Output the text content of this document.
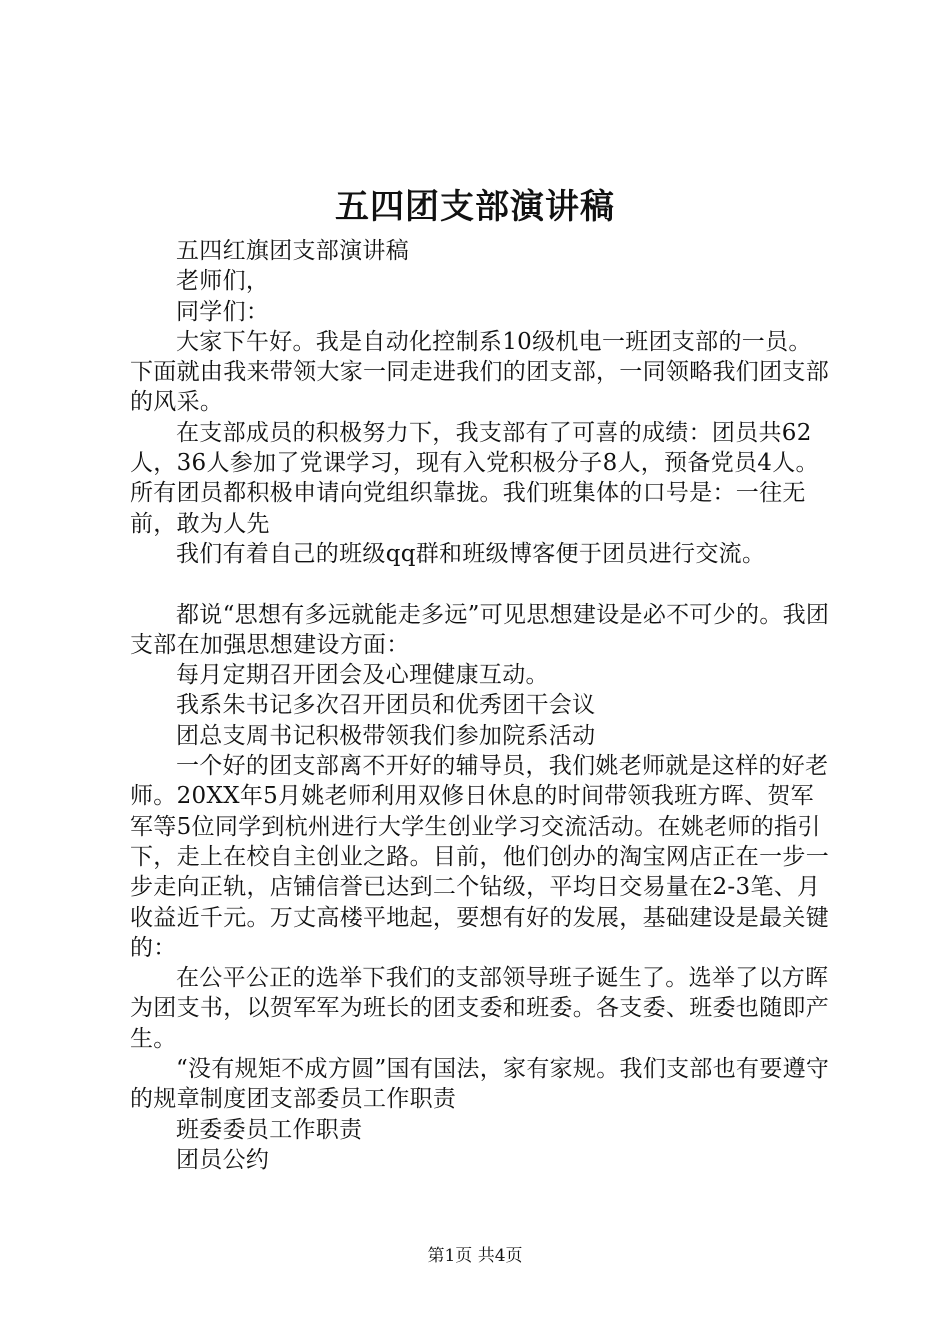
五四团支部演讲稿

五四红旗团支部演讲稿

老师们，

同学们：

大家下午好。我是自动化控制系10级机电一班团支部的一员。下面就由我来带领大家一同走进我们的团支部，一同领略我们团支部的风采。

在支部成员的积极努力下，我支部有了可喜的成绩：团员共62人，36人参加了党课学习，现有入党积极分子8人，预备党员4人。所有团员都积极申请向党组织靠拢。我们班集体的口号是：一往无前，敢为人先

我们有着自己的班级qq群和班级博客便于团员进行交流。

都说“思想有多远就能走多远”可见思想建设是必不可少的。我团支部在加强思想建设方面：

每月定期召开团会及心理健康互动。

我系朱书记多次召开团员和优秀团干会议

团总支周书记积极带领我们参加院系活动

一个好的团支部离不开好的辅导员，我们姚老师就是这样的好老师。20XX年5月姚老师利用双修日休息的时间带领我班方晖、贺军军等5位同学到杭州进行大学生创业学习交流活动。在姚老师的指引下，走上在校自主创业之路。目前，他们创办的淘宝网店正在一步一步走向正轨，店铺信誉已达到二个钻级，平均日交易量在2-3笔、月收益近千元。万丈高楼平地起，要想有好的发展，基础建设是最关键的：

在公平公正的选举下我们的支部领导班子诞生了。选举了以方晖为团支书，以贺军军为班长的团支委和班委。各支委、班委也随即产生。

“没有规矩不成方圆”国有国法，家有家规。我们支部也有要遵守的规章制度团支部委员工作职责

班委委员工作职责

团员公约

第1页 共4页
